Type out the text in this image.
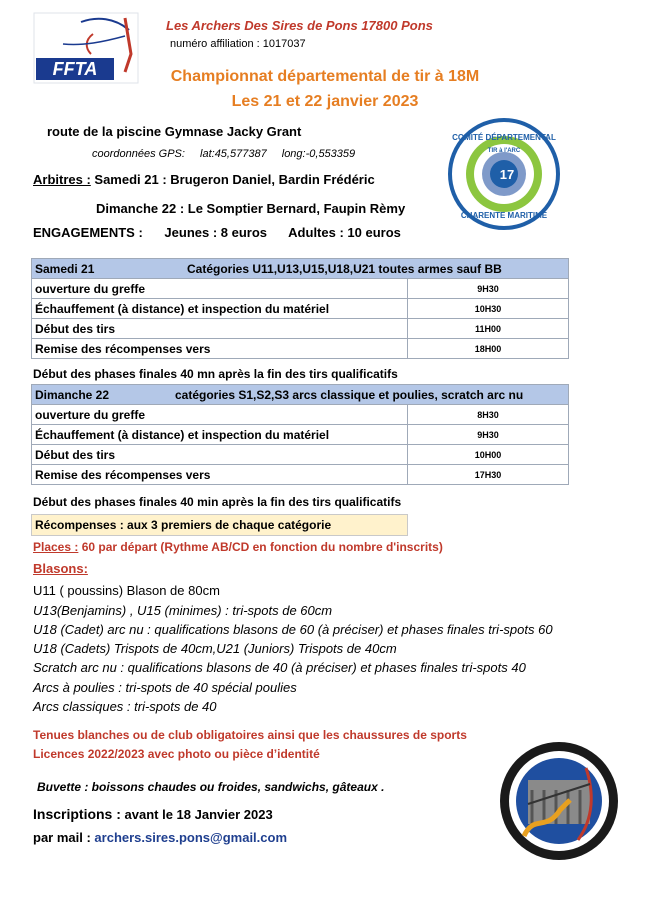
FFTA
Les Archers Des Sires de Pons 17800 Pons
numéro affiliation : 1017037
Championnat départemental de tir à 18M
Les 21 et 22 janvier 2023
17
COMITÉ DÉPARTEMENTAL
TIR à l'ARC
CHARENTE MARITIME
route de la piscine Gymnase Jacky Grant
coordonnées GPS: lat:45,577387 long:-0,553359
Arbitres : Samedi 21 : Brugeron Daniel, Bardin Frédéric
Dimanche 22 : Le Somptier Bernard, Faupin Rèmy
ENGAGEMENTS : Jeunes : 8 euros Adultes : 10 euros
Samedi 21 Catégories U11,U13,U15,U18,U21 toutes armes sauf BB	
ouverture du greffe	9H30
Échauffement (à distance) et inspection du matériel	10H30
Début des tirs	11H00
Remise des récompenses vers	18H00
Début des phases finales 40 mn après la fin des tirs qualificatifs
Dimanche 22 catégories S1,S2,S3 arcs classique et poulies, scratch arc nu	
ouverture du greffe	8H30
Échauffement (à distance) et inspection du matériel	9H30
Début des tirs	10H00
Remise des récompenses vers	17H30
Début des phases finales 40 min après la fin des tirs qualificatifs
Récompenses : aux 3 premiers de chaque catégorie
Places : 60 par départ (Rythme AB/CD en fonction du nombre d'inscrits)
Blasons:
U11 ( poussins) Blason de 80cm
U13(Benjamins) , U15 (minimes) : tri-spots de 60cm
U18 (Cadet) arc nu : qualifications blasons de 60 (à préciser) et phases finales tri-spots 60
U18 (Cadets) Trispots de 40cm,U21 (Juniors) Trispots de 40cm
Scratch arc nu : qualifications blasons de 40 (à préciser) et phases finales tri-spots 40
Arcs à poulies : tri-spots de 40 spécial poulies
Arcs classiques : tri-spots de 40
Tenues blanches ou de club obligatoires ainsi que les chaussures de sports
Licences 2022/2023 avec photo ou pièce d’identité
Buvette : boissons chaudes ou froides, sandwichs, gâteaux .
Inscriptions : avant le 18 Janvier 2023
par mail : archers.sires.pons@gmail.com
